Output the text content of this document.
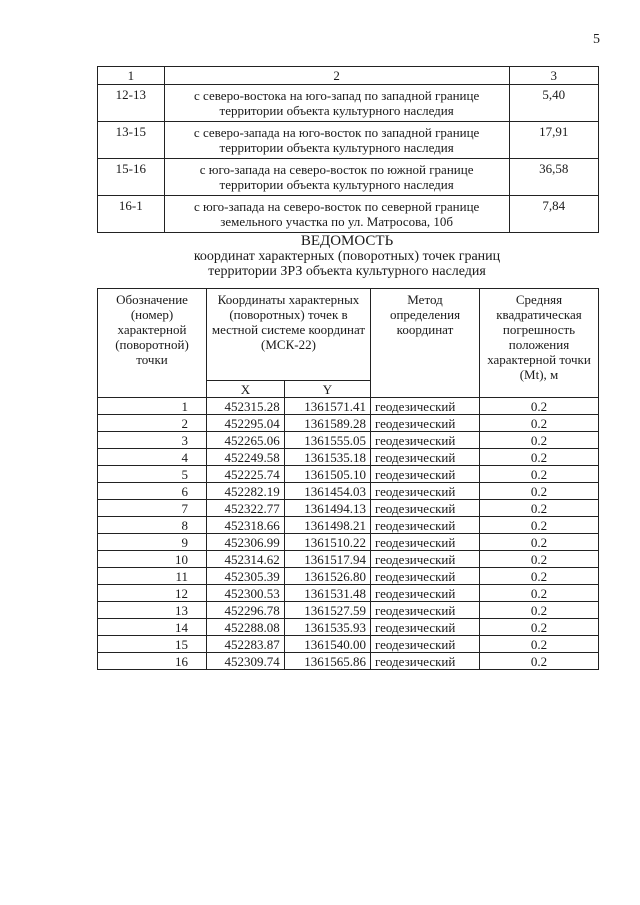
5
1	2	3
12-13	с северо-востока на юго-запад по западной границе территории объекта культурного наследия	5,40
13-15	с северо-запада на юго-восток по западной границе территории объекта культурного наследия	17,91
15-16	с юго-запада на северо-восток по южной границе территории объекта культурного наследия	36,58
16-1	с юго-запада на северо-восток по северной границе земельного участка по ул. Матросова, 10б	7,84
ВЕДОМОСТЬ
координат характерных (поворотных) точек границ
территории ЗРЗ объекта культурного наследия
Обозначение (номер) характерной (поворотной) точки	Координаты характерных (поворотных) точек в местной системе координат (МСК-22)		Метод определения координат	Средняя квадратическая погрешность положения характерной точки (Mt), м
	X	Y		
1	452315.28	1361571.41	геодезический	0.2
2	452295.04	1361589.28	геодезический	0.2
3	452265.06	1361555.05	геодезический	0.2
4	452249.58	1361535.18	геодезический	0.2
5	452225.74	1361505.10	геодезический	0.2
6	452282.19	1361454.03	геодезический	0.2
7	452322.77	1361494.13	геодезический	0.2
8	452318.66	1361498.21	геодезический	0.2
9	452306.99	1361510.22	геодезический	0.2
10	452314.62	1361517.94	геодезический	0.2
11	452305.39	1361526.80	геодезический	0.2
12	452300.53	1361531.48	геодезический	0.2
13	452296.78	1361527.59	геодезический	0.2
14	452288.08	1361535.93	геодезический	0.2
15	452283.87	1361540.00	геодезический	0.2
16	452309.74	1361565.86	геодезический	0.2
